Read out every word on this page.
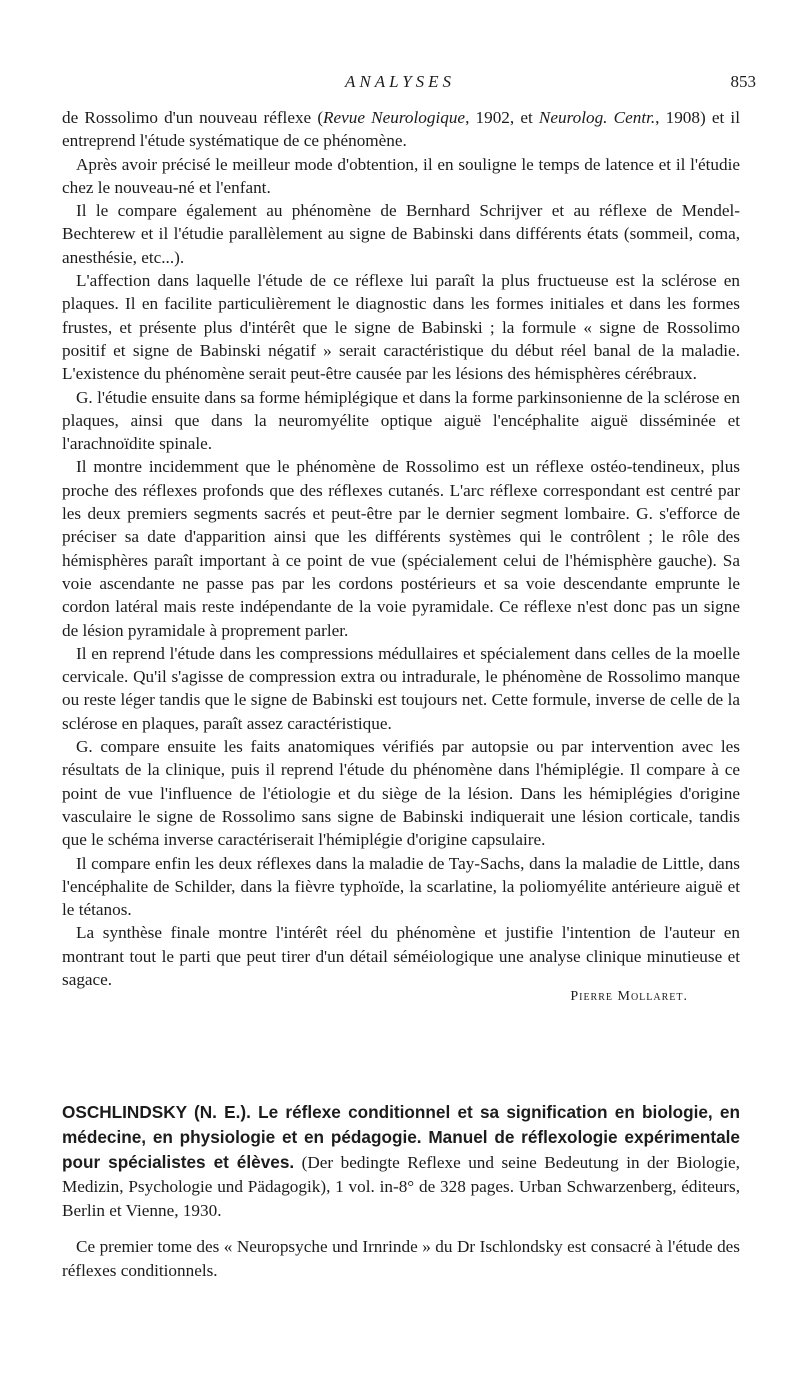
ANALYSES	853

de Rossolimo d'un nouveau réflexe (Revue Neurologique, 1902, et Neurolog. Centr., 1908) et il entreprend l'étude systématique de ce phénomène.

Après avoir précisé le meilleur mode d'obtention, il en souligne le temps de latence et il l'étudie chez le nouveau-né et l'enfant.

Il le compare également au phénomène de Bernhard Schrijver et au réflexe de Mendel-Bechterew et il l'étudie parallèlement au signe de Babinski dans différents états (sommeil, coma, anesthésie, etc...).

L'affection dans laquelle l'étude de ce réflexe lui paraît la plus fructueuse est la sclérose en plaques. Il en facilite particulièrement le diagnostic dans les formes initiales et dans les formes frustes, et présente plus d'intérêt que le signe de Babinski ; la formule « signe de Rossolimo positif et signe de Babinski négatif » serait caractéristique du début réel banal de la maladie. L'existence du phénomène serait peut-être causée par les lésions des hémisphères cérébraux.

G. l'étudie ensuite dans sa forme hémiplégique et dans la forme parkinsonienne de la sclérose en plaques, ainsi que dans la neuromyélite optique aiguë l'encéphalite aiguë disséminée et l'arachnoïdite spinale.

Il montre incidemment que le phénomène de Rossolimo est un réflexe ostéo-tendineux, plus proche des réflexes profonds que des réflexes cutanés. L'arc réflexe correspondant est centré par les deux premiers segments sacrés et peut-être par le dernier segment lombaire. G. s'efforce de préciser sa date d'apparition ainsi que les différents systèmes qui le contrôlent ; le rôle des hémisphères paraît important à ce point de vue (spécialement celui de l'hémisphère gauche). Sa voie ascendante ne passe pas par les cordons postérieurs et sa voie descendante emprunte le cordon latéral mais reste indépendante de la voie pyramidale. Ce réflexe n'est donc pas un signe de lésion pyramidale à proprement parler.

Il en reprend l'étude dans les compressions médullaires et spécialement dans celles de la moelle cervicale. Qu'il s'agisse de compression extra ou intradurale, le phénomène de Rossolimo manque ou reste léger tandis que le signe de Babinski est toujours net. Cette formule, inverse de celle de la sclérose en plaques, paraît assez caractéristique.

G. compare ensuite les faits anatomiques vérifiés par autopsie ou par intervention avec les résultats de la clinique, puis il reprend l'étude du phénomène dans l'hémiplégie. Il compare à ce point de vue l'influence de l'étiologie et du siège de la lésion. Dans les hémiplégies d'origine vasculaire le signe de Rossolimo sans signe de Babinski indiquerait une lésion corticale, tandis que le schéma inverse caractériserait l'hémiplégie d'origine capsulaire.

Il compare enfin les deux réflexes dans la maladie de Tay-Sachs, dans la maladie de Little, dans l'encéphalite de Schilder, dans la fièvre typhoïde, la scarlatine, la poliomyélite antérieure aiguë et le tétanos.

La synthèse finale montre l'intérêt réel du phénomène et justifie l'intention de l'auteur en montrant tout le parti que peut tirer d'un détail séméiologique une analyse clinique minutieuse et sagace.

Pierre Mollaret.

OSCHLINDSKY (N. E.). Le réflexe conditionnel et sa signification en biologie, en médecine, en physiologie et en pédagogie. Manuel de réflexologie expérimentale pour spécialistes et élèves. (Der bedingte Reflexe und seine Bedeutung in der Biologie, Medizin, Psychologie und Pädagogik), 1 vol. in-8° de 328 pages. Urban Schwarzenberg, éditeurs, Berlin et Vienne, 1930.

Ce premier tome des « Neuropsyche und Irnrinde » du Dr Ischlondsky est consacré à l'étude des réflexes conditionnels.
